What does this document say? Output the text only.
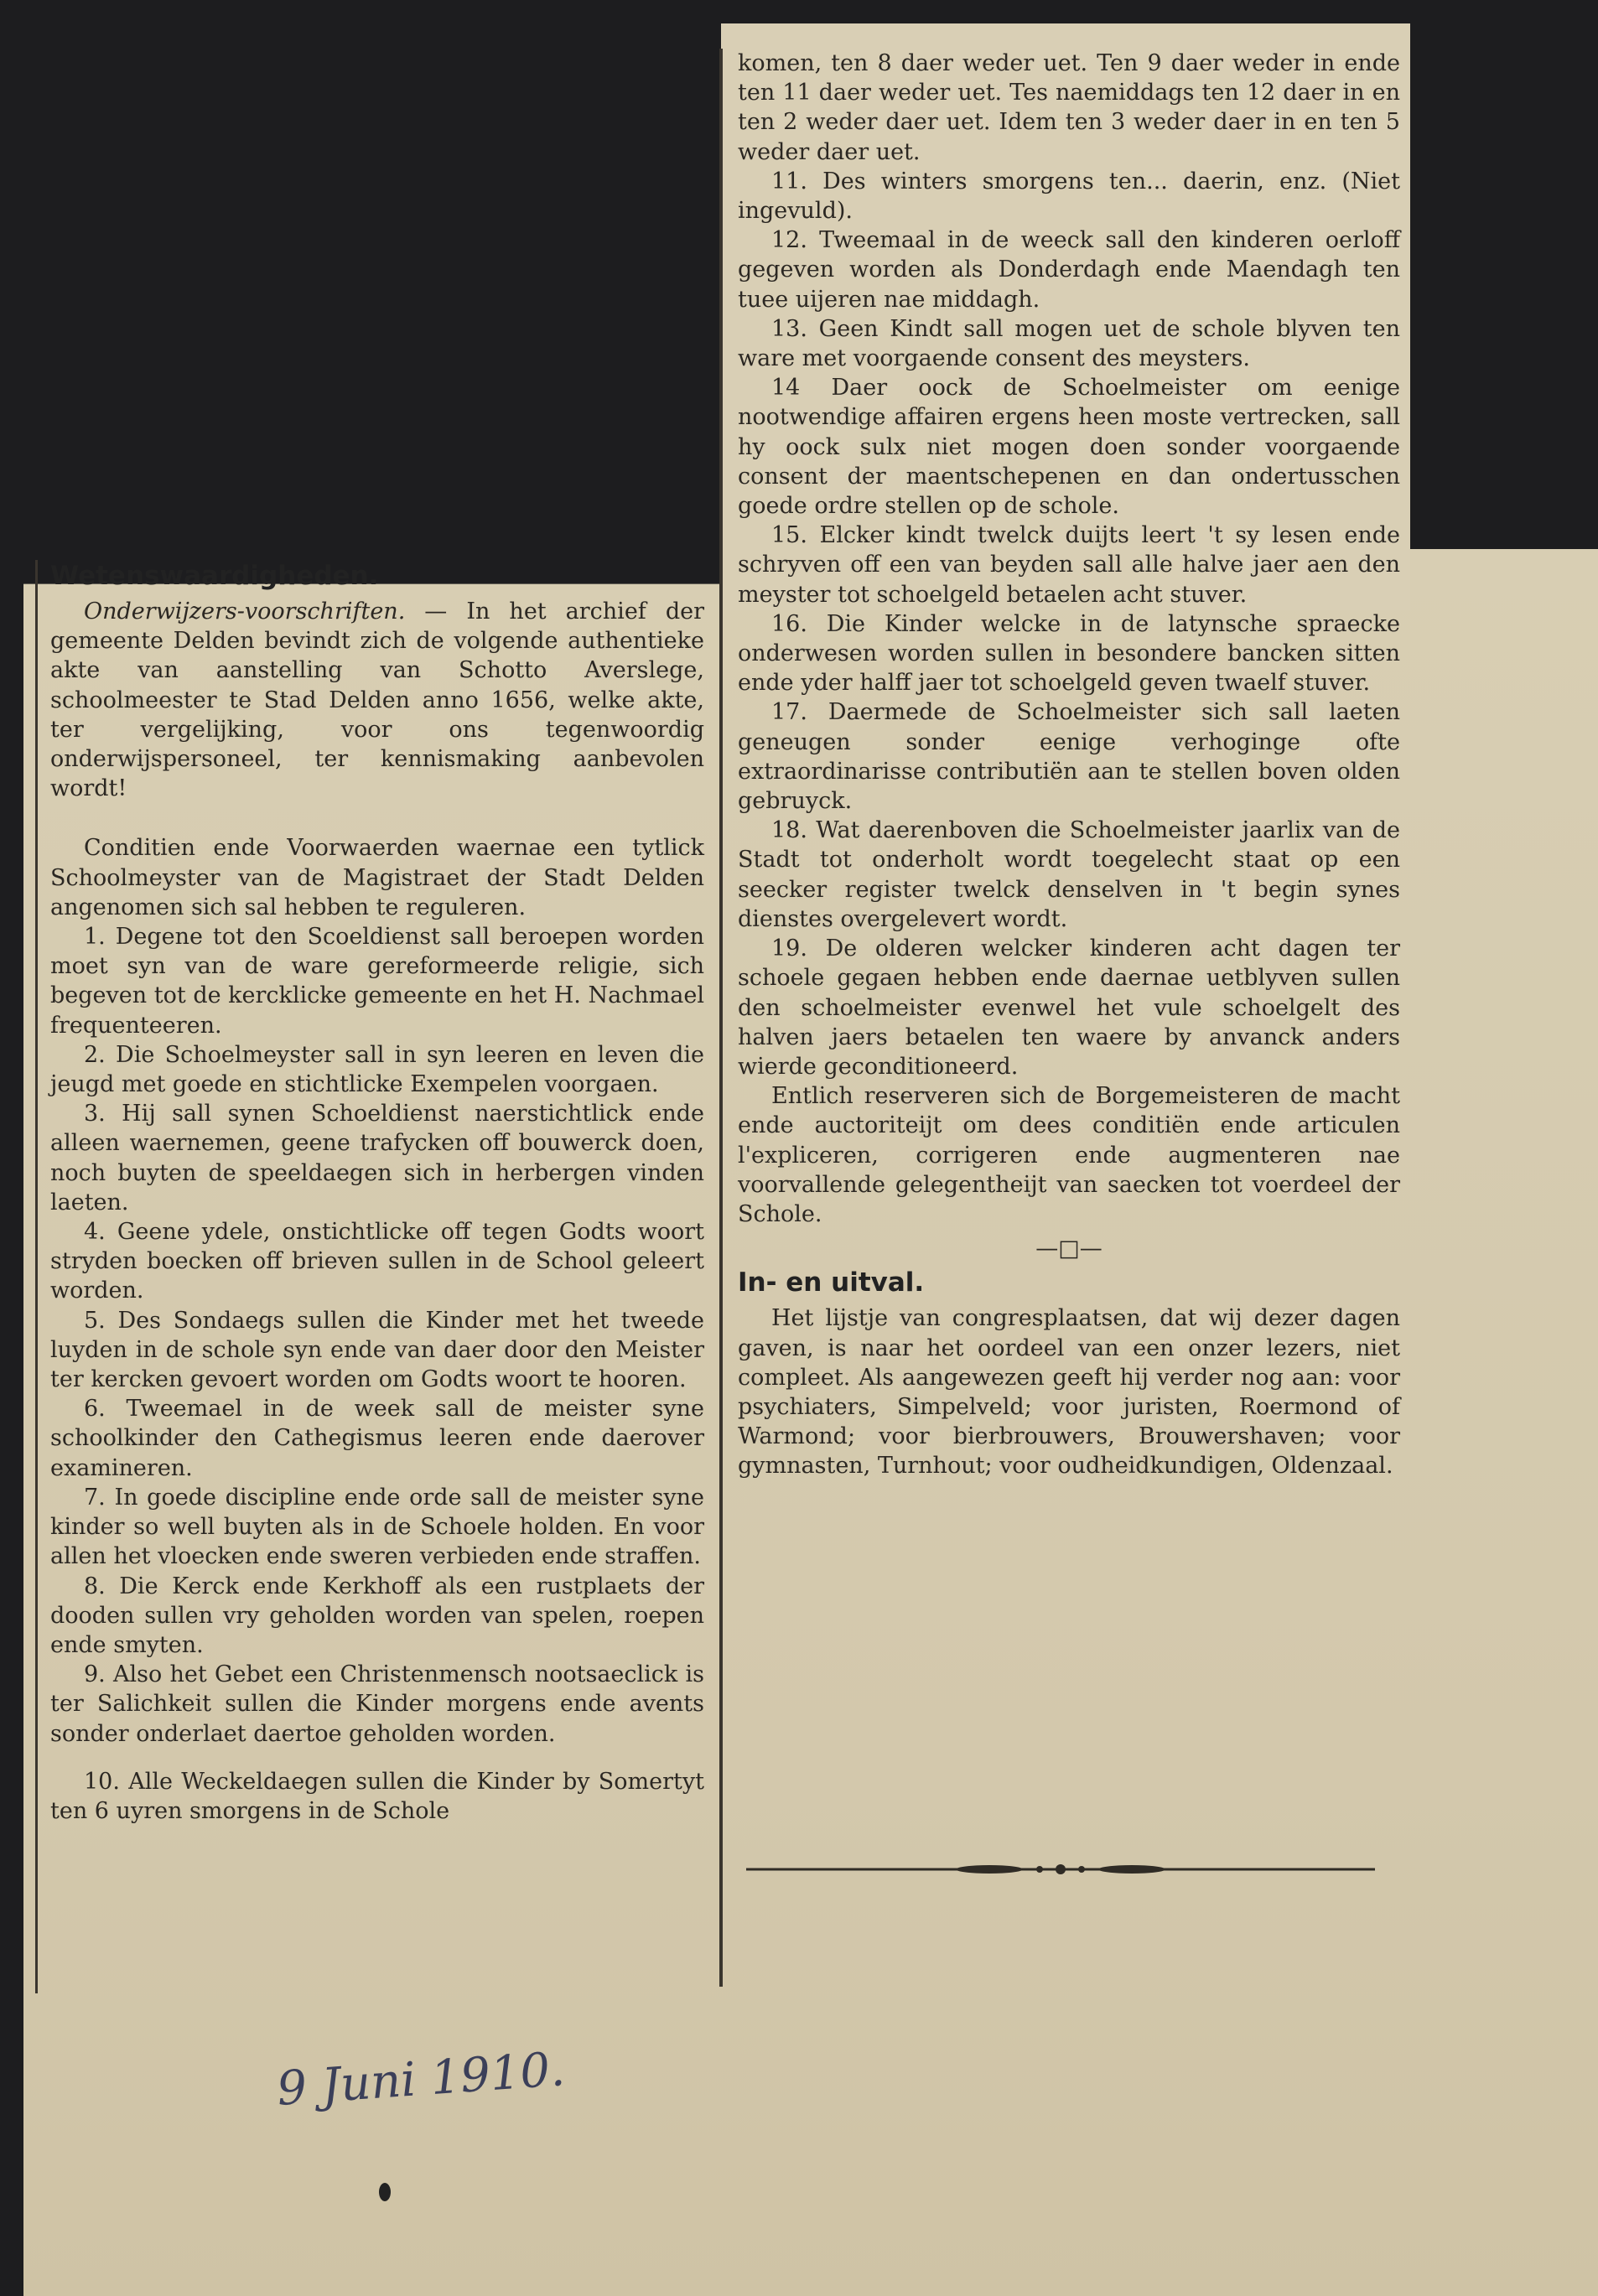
Wetenswaardigheden.

Onderwijzers-voorschriften. — In het archief der gemeente Delden bevindt zich de volgende authentieke akte van aanstelling van Schotto Averslege, schoolmeester te Stad Delden anno 1656, welke akte, ter vergelijking, voor ons tegenwoordig onderwijspersoneel, ter kennismaking aanbevolen wordt!

Conditien ende Voorwaerden waernae een tytlick Schoolmeyster van de Magistraet der Stadt Delden angenomen sich sal hebben te reguleren.

1. Degene tot den Scoeldienst sall beroepen worden moet syn van de ware gereformeerde religie, sich begeven tot de kercklicke gemeente en het H. Nachmael frequenteeren.

2. Die Schoelmeyster sall in syn leeren en leven die jeugd met goede en stichtlicke Exempelen voorgaen.

3. Hij sall synen Schoeldienst naerstichtlick ende alleen waernemen, geene trafycken off bouwerck doen, noch buyten de speeldaegen sich in herbergen vinden laeten.

4. Geene ydele, onstichtlicke off tegen Godts woort stryden boecken off brieven sullen in de School geleert worden.

5. Des Sondaegs sullen die Kinder met het tweede luyden in de schole syn ende van daer door den Meister ter kercken gevoert worden om Godts woort te hooren.

6. Tweemael in de week sall de meister syne schoolkinder den Cathegismus leeren ende daerover examineren.

7. In goede discipline ende orde sall de meister syne kinder so well buyten als in de Schoele holden. En voor allen het vloecken ende sweren verbieden ende straffen.

8. Die Kerck ende Kerkhoff als een rustplaets der dooden sullen vry geholden worden van spelen, roepen ende smyten.

9. Also het Gebet een Christenmensch nootsaeclick is ter Salichkeit sullen die Kinder morgens ende avents sonder onderlaet daertoe geholden worden.

10. Alle Weckeldaegen sullen die Kinder by Somertyt ten 6 uyren smorgens in de Schole

komen, ten 8 daer weder uet. Ten 9 daer weder in ende ten 11 daer weder uet. Tes naemiddags ten 12 daer in en ten 2 weder daer uet. Idem ten 3 weder daer in en ten 5 weder daer uet.

11. Des winters smorgens ten... daerin, enz. (Niet ingevuld).

12. Tweemaal in de weeck sall den kinderen oerloff gegeven worden als Donderdagh ende Maendagh ten tuee uijeren nae middagh.

13. Geen Kindt sall mogen uet de schole blyven ten ware met voorgaende consent des meysters.

14 Daer oock de Schoelmeister om eenige nootwendige affairen ergens heen moste vertrecken, sall hy oock sulx niet mogen doen sonder voorgaende consent der maentschepenen en dan ondertusschen goede ordre stellen op de schole.

15. Elcker kindt twelck duijts leert 't sy lesen ende schryven off een van beyden sall alle halve jaer aen den meyster tot schoelgeld betaelen acht stuver.

16. Die Kinder welcke in de latynsche spraecke onderwesen worden sullen in besondere bancken sitten ende yder halff jaer tot schoelgeld geven twaelf stuver.

17. Daermede de Schoelmeister sich sall laeten geneugen sonder eenige verhoginge ofte extraordinarisse contributiën aan te stellen boven olden gebruyck.

18. Wat daerenboven die Schoelmeister jaarlix van de Stadt tot onderholt wordt toegelecht staat op een seecker register twelck denselven in 't begin synes dienstes overgelevert wordt.

19. De olderen welcker kinderen acht dagen ter schoele gegaen hebben ende daernae uetblyven sullen den schoelmeister evenwel het vule schoelgelt des halven jaers betaelen ten waere by anvanck anders wierde geconditioneerd.

Entlich reserveren sich de Borgemeisteren de macht ende auctoriteijt om dees conditiën ende articulen l'expliceren, corrigeren ende augmenteren nae voorvallende gelegentheijt van saecken tot voerdeel der Schole.

—□—
In- en uitval.

Het lijstje van congresplaatsen, dat wij dezer dagen gaven, is naar het oordeel van een onzer lezers, niet compleet. Als aangewezen geeft hij verder nog aan: voor psychiaters, Simpelveld; voor juristen, Roermond of Warmond; voor bierbrouwers, Brouwershaven; voor gymnasten, Turnhout; voor oudheidkundigen, Oldenzaal.

9 Juni 1910.
